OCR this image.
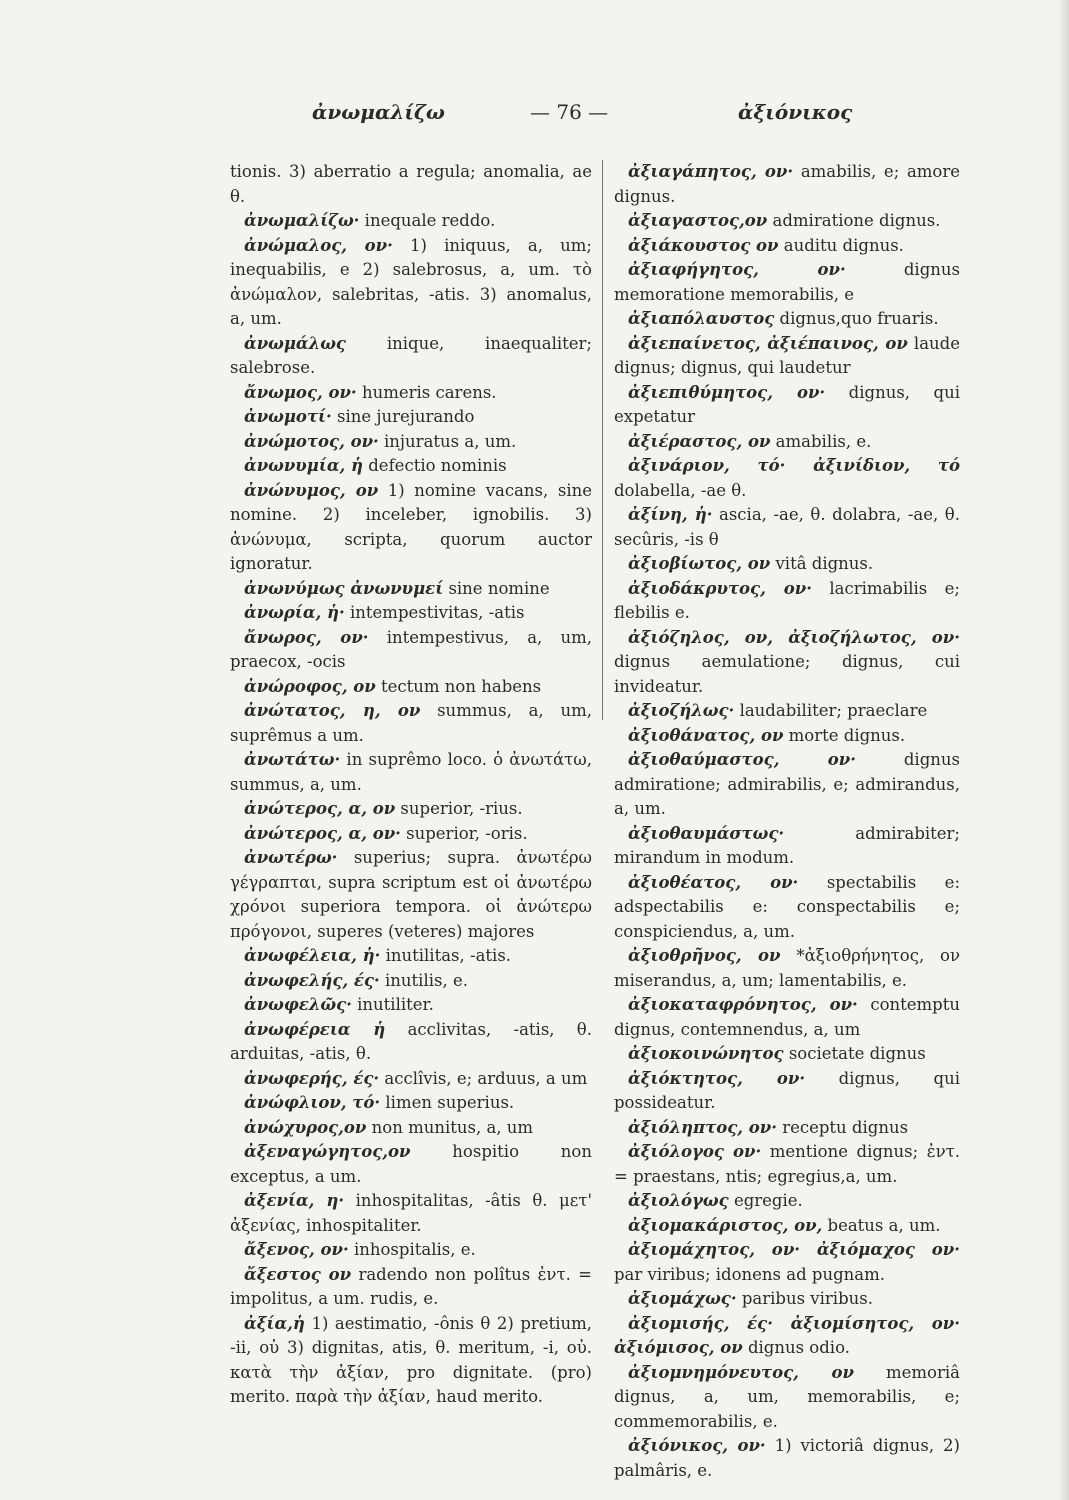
ἀνωμαλίζω	— 76 —	ἀξιόνικος

tionis. 3) aberratio a regula; anomalia, ae θ.

ἀνωμαλίζω· inequale reddo.

ἀνώμαλος, ον· 1) iniquus, a, um; inequabilis, e 2) salebrosus, a, um. τὸ ἀνώμαλον, salebritas, -atis. 3) anomalus, a, um.

ἀνωμάλως inique, inaequaliter; salebrose.

ἄνωμος, ον· humeris carens.

ἀνωμοτί· sine jurejurando

ἀνώμοτος, ον· injuratus a, um.

ἀνωνυμία, ἡ defectio nominis

ἀνώνυμος, ον 1) nomine vacans, sine nomine. 2) inceleber, ignobilis. 3) ἀνώνυμα, scripta, quorum auctor ignoratur.

ἀνωνύμως ἀνωνυμεί sine nomine

ἀνωρία, ἡ· intempestivitas, -atis

ἄνωρος, ον· intempestivus, a, um, praecox, -ocis

ἀνώροφος, ον tectum non habens

ἀνώτατος, η, ον summus, a, um, suprêmus a um.

ἀνωτάτω· in suprêmo loco. ὁ ἀνωτάτω, summus, a, um.

ἀνώτερος, α, ον superior, -rius.

ἀνώτερος, α, ον· superior, -oris.

ἀνωτέρω· superius; supra. ἀνωτέρω γέγραπται, supra scriptum est οἱ ἀνωτέρω χρόνοι superiora tempora. οἱ ἀνώτερω πρόγονοι, superes (veteres) majores

ἀνωφέλεια, ἡ· inutilitas, -atis.

ἀνωφελής, ές· inutilis, e.

ἀνωφελῶς· inutiliter.

ἀνωφέρεια ἡ acclivitas, -atis, θ. arduitas, -atis, θ.

ἀνωφερής, ές· acclîvis, e; arduus, a um

ἀνώφλιον, τό· limen superius.

ἀνώχυρος,ον non munitus, a, um

ἀξεναγώγητος,ον	hospitio non exceptus, a um.

ἀξενία, η· inhospitalitas, -âtis θ. μετ' ἀξενίας, inhospitaliter.

ἄξενος, ον· inhospitalis, e.

ἄξεστος ον radendo non polîtus ἐντ. = impolitus, a um. rudis, e.

ἀξία,ἡ 1) aestimatio, -ônis θ 2) pretium, -ii, οὐ 3) dignitas, atis, θ. meritum, -i, οὐ. κατὰ τὴν ἀξίαν, pro dignitate. (pro) merito. παρὰ τὴν ἀξίαν, haud merito.

ἀξιαγάπητος, ον· amabilis, e; amore dignus.

ἀξιαγαστος,ον admiratione dignus.

ἀξιάκουστος ον auditu dignus.

ἀξιαφήγητος, ον·	dignus memoratione memorabilis, e

ἀξιαπόλαυστος dignus,quo fruaris.

ἀξιεπαίνετος, ἀξιέπαινος, ον laude dignus; dignus, qui laudetur

ἀξιεπιθύμητος, ον· dignus, qui expetatur

ἀξιέραστος, ον amabilis, e.

ἀξινάριον, τό· ἀξινίδιον, τό dolabella, -ae θ.

ἀξίνη, ἡ· ascia, -ae, θ. dolabra, -ae, θ. secûris, -is θ

ἀξιοβίωτος, ον vitâ dignus.

ἀξιοδάκρυτος, ον· lacrimabilis e; flebilis e.

ἀξιόζηλος, ον, ἀξιοζήλωτος, ον· dignus aemulatione; dignus, cui invideatur.

ἀξιοζήλως· laudabiliter; praeclare

ἀξιοθάνατος, ον morte dignus.

ἀξιοθαύμαστος, ον·	dignus admiratione; admirabilis, e; admirandus, a, um.

ἀξιοθαυμάστως·	admirabiter; mirandum in modum.

ἀξιοθέατος, ον· spectabilis e: adspectabilis e: conspectabilis e; conspiciendus, a, um.

ἀξιοθρῆνος, ον *ἀξιοθρήνητος, ον miserandus, a, um; lamentabilis, e.

ἀξιοκαταφρόνητος, ον· contemptu dignus, contemnendus, a, um

ἀξιοκοινώνητος societate dignus

ἀξιόκτητος, ον· dignus, qui possideatur.

ἀξιόληπτος, ον· receptu dignus

ἀξιόλογος ον· mentione dignus; ἐντ. = praestans, ntis; egregius,a, um.

ἀξιολόγως egregie.

ἀξιομακάριστος, ον, beatus a, um.

ἀξιομάχητος, ον· ἀξιόμαχος ον· par viribus; idonens ad pugnam.

ἀξιομάχως· paribus viribus.

ἀξιομισής, ές· ἀξιομίσητος, ον· ἀξιόμισος, ον dignus odio.

ἀξιομνημόνευτος, ον memoriâ dignus, a, um, memorabilis, e; commemorabilis, e.

ἀξιόνικος, ον· 1) victoriâ dignus, 2) palmâris, e.
